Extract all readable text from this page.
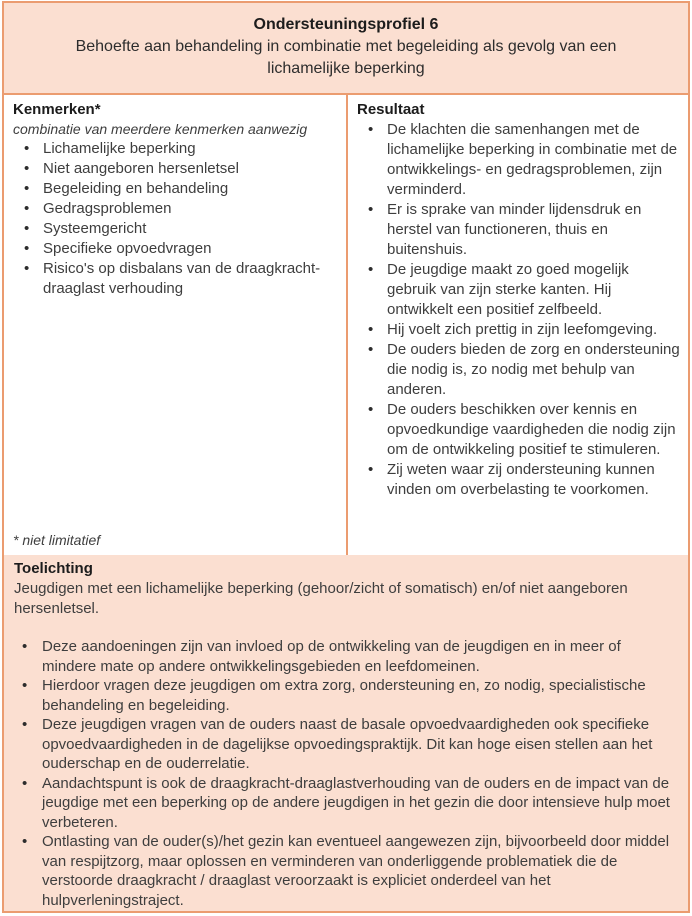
Ondersteuningsprofiel 6
Behoefte aan behandeling in combinatie met begeleiding als gevolg van een lichamelijke beperking
Kenmerken*
combinatie van meerdere kenmerken aanwezig
• Lichamelijke beperking
• Niet aangeboren hersenletsel
• Begeleiding en behandeling
• Gedragsproblemen
• Systeemgericht
• Specifieke opvoedvragen
• Risico's op disbalans van de draagkracht-draaglast verhouding
* niet limitatief
Resultaat
• De klachten die samenhangen met de lichamelijke beperking in combinatie met de ontwikkelings- en gedragsproblemen, zijn verminderd.
• Er is sprake van minder lijdensdruk en herstel van functioneren, thuis en buitenshuis.
• De jeugdige maakt zo goed mogelijk gebruik van zijn sterke kanten. Hij ontwikkelt een positief zelfbeeld.
• Hij voelt zich prettig in zijn leefomgeving.
• De ouders bieden de zorg en ondersteuning die nodig is, zo nodig met behulp van anderen.
• De ouders beschikken over kennis en opvoedkundige vaardigheden die nodig zijn om de ontwikkeling positief te stimuleren.
• Zij weten waar zij ondersteuning kunnen vinden om overbelasting te voorkomen.
Toelichting

Jeugdigen met een lichamelijke beperking (gehoor/zicht of somatisch) en/of niet aangeboren hersenletsel.

• Deze aandoeningen zijn van invloed op de ontwikkeling van de jeugdigen en in meer of mindere mate op andere ontwikkelingsgebieden en leefdomeinen.
• Hierdoor vragen deze jeugdigen om extra zorg, ondersteuning en, zo nodig, specialistische behandeling en begeleiding.
• Deze jeugdigen vragen van de ouders naast de basale opvoedvaardigheden ook specifieke opvoedvaardigheden in de dagelijkse opvoedingspraktijk. Dit kan hoge eisen stellen aan het ouderschap en de ouderrelatie.
• Aandachtspunt is ook de draagkracht-draaglastverhouding van de ouders en de impact van de jeugdige met een beperking op de andere jeugdigen in het gezin die door intensieve hulp moet verbeteren.
• Ontlasting van de ouder(s)/het gezin kan eventueel aangewezen zijn, bijvoorbeeld door middel van respijtzorg, maar oplossen en verminderen van onderliggende problematiek die de verstoorde draagkracht / draaglast veroorzaakt is expliciet onderdeel van het hulpverleningstraject.
